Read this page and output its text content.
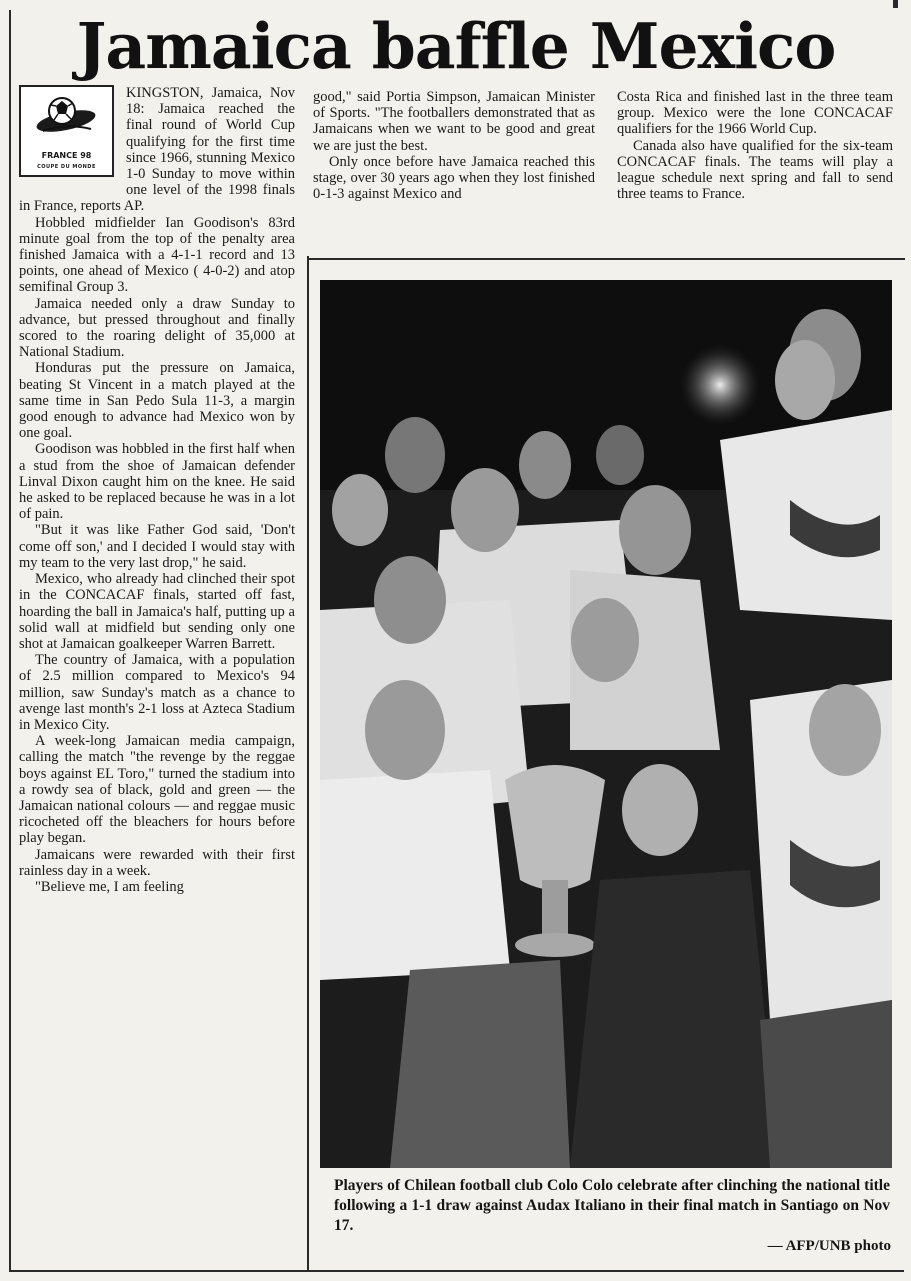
Jamaica baffle Mexico
FRANCE 98
COUPE DU MONDE

KINGSTON, Jamaica, Nov 18: Jamaica reached the final round of World Cup qualifying for the first time since 1966, stunning Mexico 1-0 Sunday to move within one level of the 1998 finals in France, reports AP.

Hobbled midfielder Ian Goodison's 83rd minute goal from the top of the penalty area finished Jamaica with a 4-1-1 record and 13 points, one ahead of Mexico ( 4-0-2) and atop semifinal Group 3.

Jamaica needed only a draw Sunday to advance, but pressed throughout and finally scored to the roaring delight of 35,000 at National Stadium.

Honduras put the pressure on Jamaica, beating St Vincent in a match played at the same time in San Pedo Sula 11-3, a margin good enough to advance had Mexico won by one goal.

Goodison was hobbled in the first half when a stud from the shoe of Jamaican defender Linval Dixon caught him on the knee. He said he asked to be replaced because he was in a lot of pain.

"But it was like Father God said, 'Don't come off son,' and I decided I would stay with my team to the very last drop," he said.

Mexico, who already had clinched their spot in the CONCACAF finals, started off fast, hoarding the ball in Jamaica's half, putting up a solid wall at midfield but sending only one shot at Jamaican goalkeeper Warren Barrett.

The country of Jamaica, with a population of 2.5 million compared to Mexico's 94 million, saw Sunday's match as a chance to avenge last month's 2-1 loss at Azteca Stadium in Mexico City.

A week-long Jamaican media campaign, calling the match "the revenge by the reggae boys against EL Toro," turned the stadium into a rowdy sea of black, gold and green — the Jamaican national colours — and reggae music ricocheted off the bleachers for hours before play began.

Jamaicans were rewarded with their first rainless day in a week.

"Believe me, I am feeling

good," said Portia Simpson, Jamaican Minister of Sports. "The footballers demonstrated that as Jamaicans when we want to be good and great we are just the best.

Only once before have Jamaica reached this stage, over 30 years ago when they lost finished 0-1-3 against Mexico and

Costa Rica and finished last in the three team group. Mexico were the lone CONCACAF qualifiers for the 1966 World Cup.

Canada also have qualified for the six-team CONCACAF finals. The teams will play a league schedule next spring and fall to send three teams to France.

Players of Chilean football club Colo Colo celebrate after clinching the national title following a 1-1 draw against Audax Italiano in their final match in Santiago on Nov 17.
— AFP/UNB photo
